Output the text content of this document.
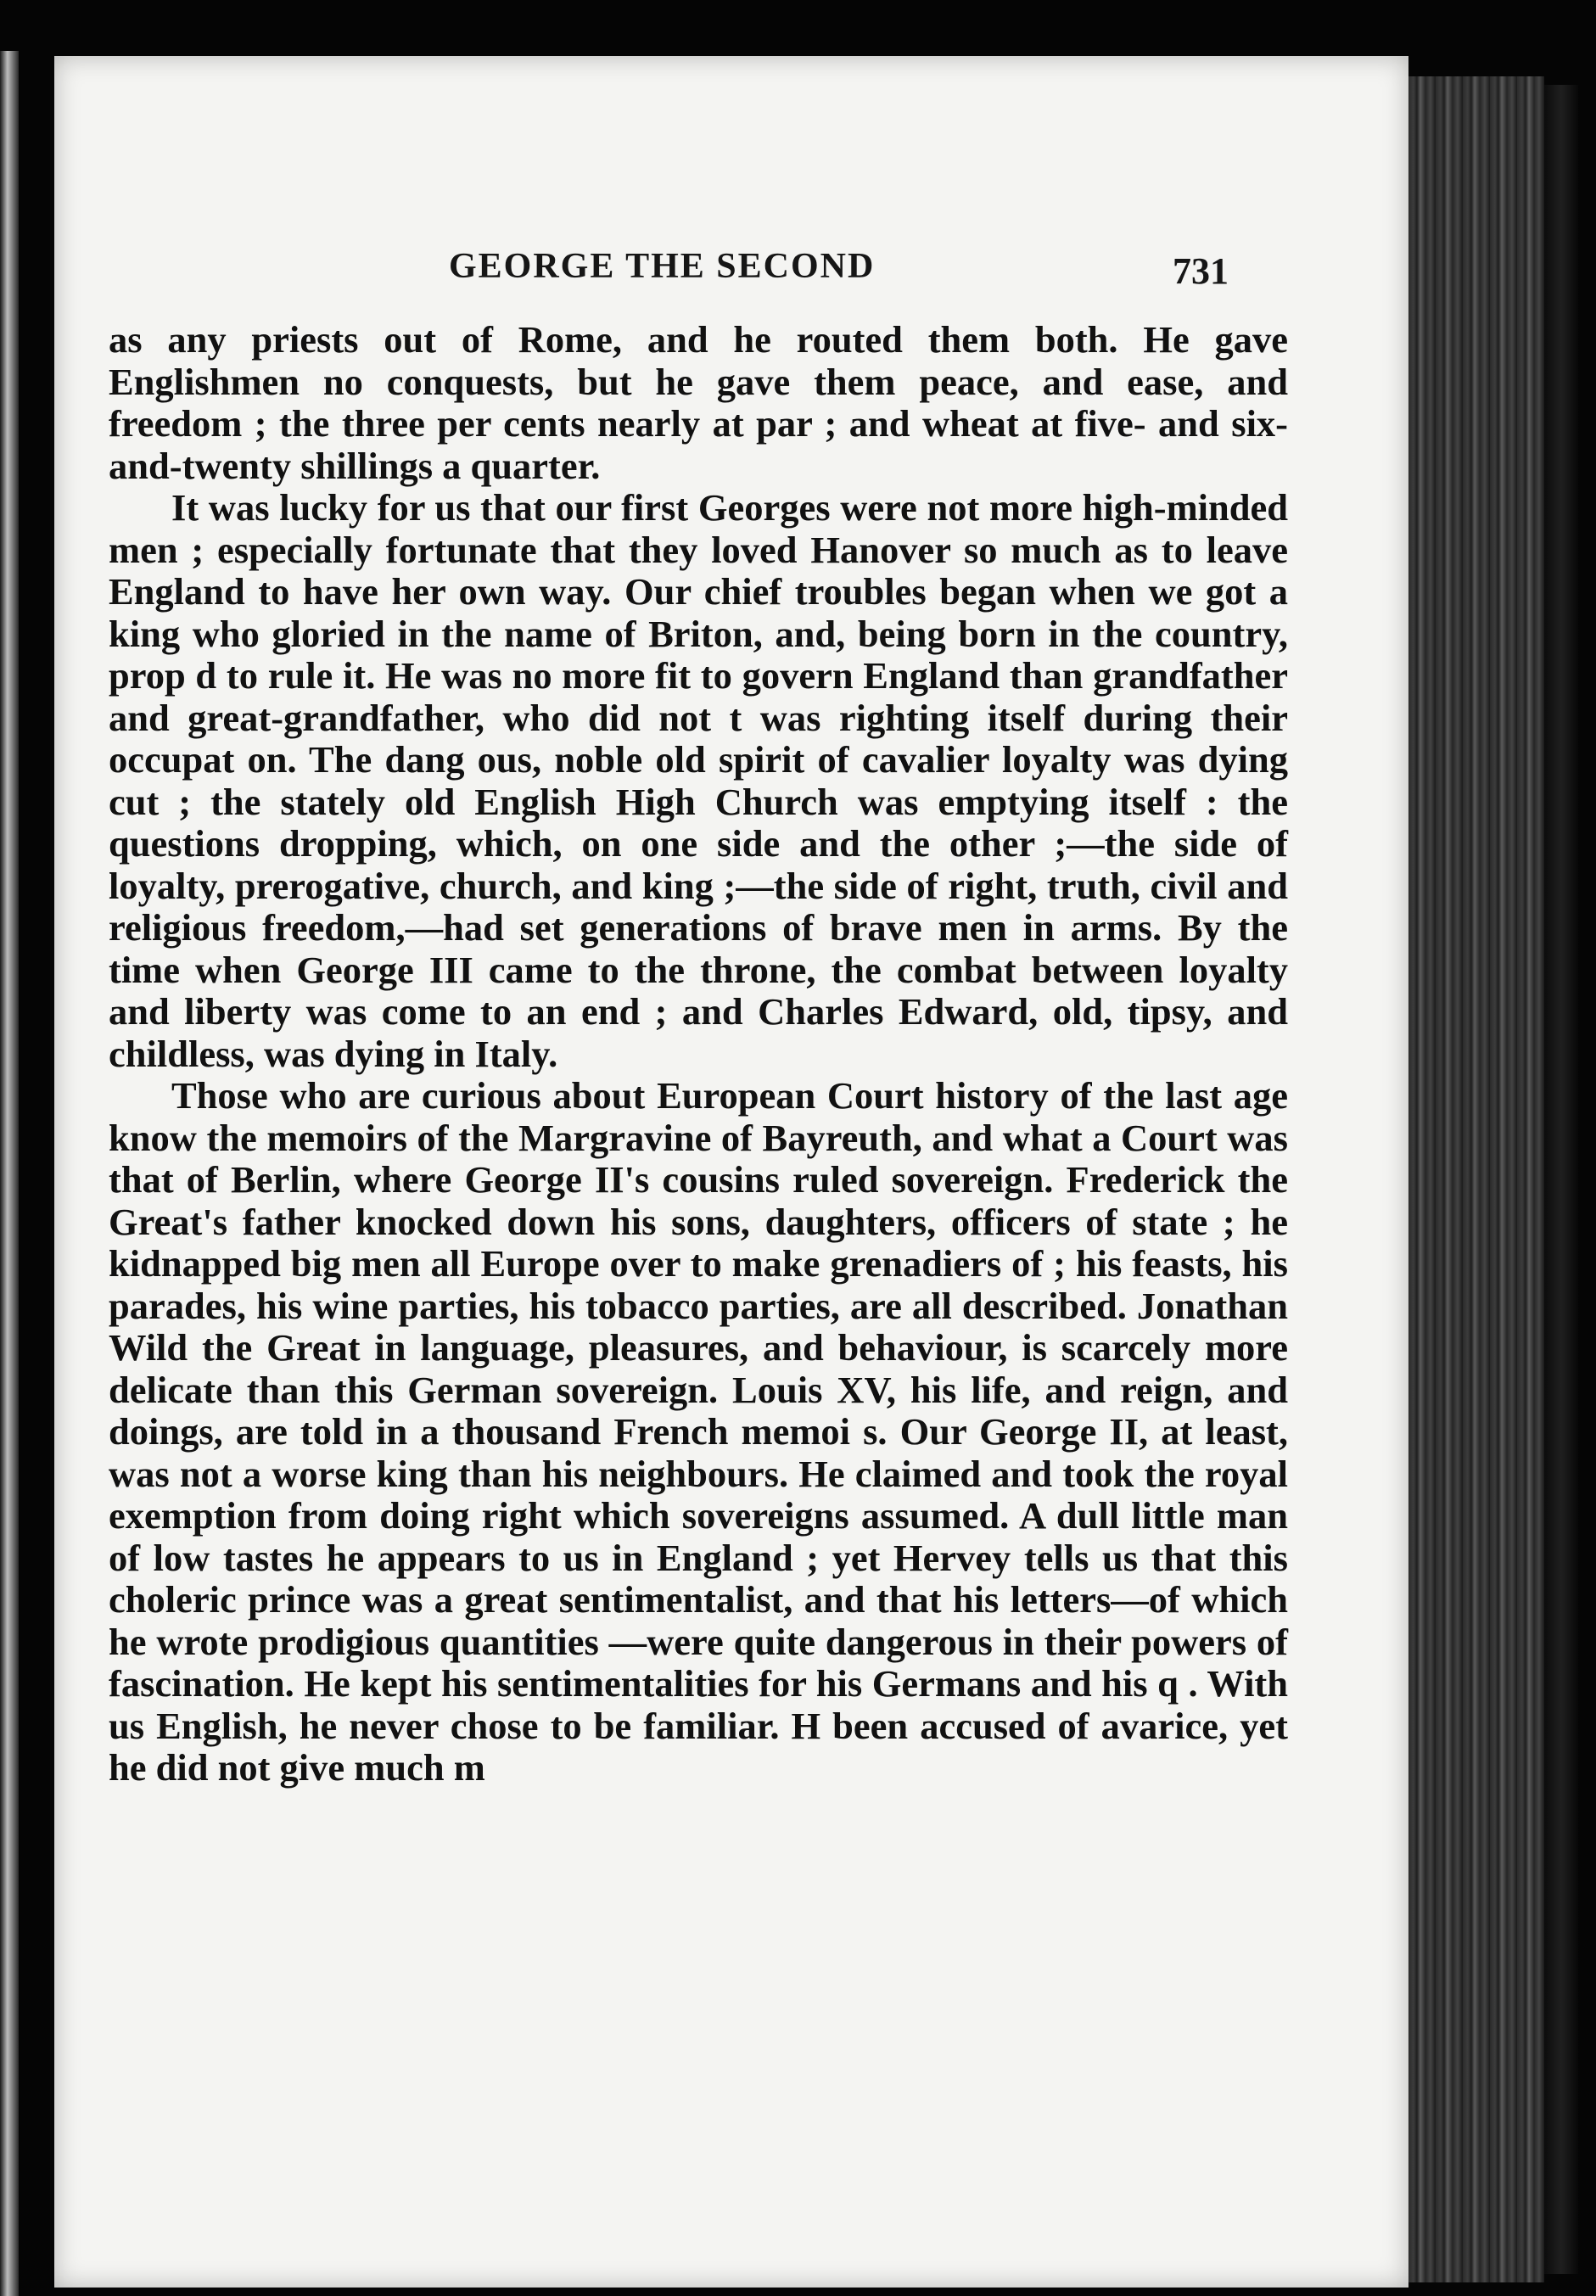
GEORGE THE SECOND	731

as any priests out of Rome, and he routed them both. He gave Englishmen no conquests, but he gave them peace, and ease, and freedom ; the three per cents nearly at par ; and wheat at five- and six-and-twenty shillings a quarter.

It was lucky for us that our first Georges were not more high-minded men ; especially fortunate that they loved Hanover so much as to leave England to have her own way. Our chief troubles began when we got a king who gloried in the name of Briton, and, being born in the country, prop d to rule it. He was no more fit to govern England than grandfather and great-grandfather, who did not t was righting itself during their occupat on. The dang ous, noble old spirit of cavalier loyalty was dying cut ; the stately old English High Church was emptying itself : the questions dropping, which, on one side and the other ;—the side of loyalty, prerogative, church, and king ;—the side of right, truth, civil and religious freedom,—had set generations of brave men in arms. By the time when George III came to the throne, the combat between loyalty and liberty was come to an end ; and Charles Edward, old, tipsy, and childless, was dying in Italy.

Those who are curious about European Court history of the last age know the memoirs of the Margravine of Bayreuth, and what a Court was that of Berlin, where George II's cousins ruled sovereign. Frederick the Great's father knocked down his sons, daughters, officers of state ; he kidnapped big men all Europe over to make grenadiers of ; his feasts, his parades, his wine parties, his tobacco parties, are all described. Jonathan Wild the Great in language, pleasures, and behaviour, is scarcely more delicate than this German sovereign. Louis XV, his life, and reign, and doings, are told in a thousand French memoi s. Our George II, at least, was not a worse king than his neighbours. He claimed and took the royal exemption from doing right which sovereigns assumed. A dull little man of low tastes he appears to us in England ; yet Hervey tells us that this choleric prince was a great sentimentalist, and that his letters—of which he wrote prodigious quantities —were quite dangerous in their powers of fascination. He kept his sentimentalities for his Germans and his q . With us English, he never chose to be familiar. H been accused of avarice, yet he did not give much m
